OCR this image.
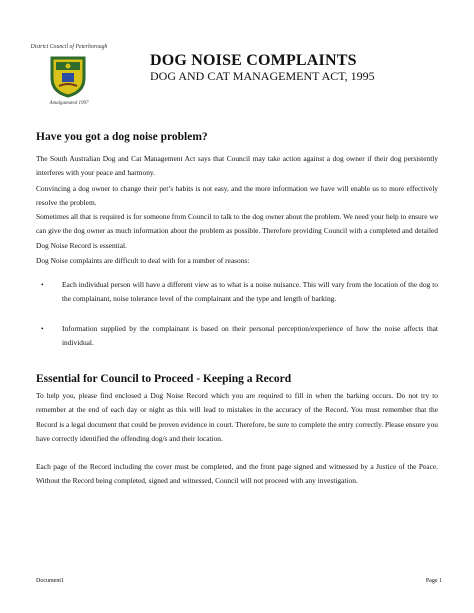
District Council of Peterborough
Amalgamated 1997
DOG NOISE COMPLAINTS
DOG AND CAT MANAGEMENT ACT, 1995
Have you got a dog noise problem?
The South Australian Dog and Cat Management Act says that Council may take action against a dog owner if their dog persistently interferes with your peace and harmony.
Convincing a dog owner to change their pet’s habits is not easy, and the more information we have will enable us to more effectively resolve the problem.
Sometimes all that is required is for someone from Council to talk to the dog owner about the problem. We need your help to ensure we can give the dog owner as much information about the problem as possible. Therefore providing Council with a completed and detailed Dog Noise Record is essential.
Dog Noise complaints are difficult to deal with for a number of reasons:
• Each individual person will have a different view as to what is a noise nuisance. This will vary from the location of the dog to the complainant, noise tolerance level of the complainant and the type and length of barking.
• Information supplied by the complainant is based on their personal perception/experience of how the noise affects that individual.
Essential for Council to Proceed - Keeping a Record
To help you, please find enclosed a Dog Noise Record which you are required to fill in when the barking occurs. Do not try to remember at the end of each day or night as this will lead to mistakes in the accuracy of the Record. You must remember that the Record is a legal document that could be proven evidence in court. Therefore, be sure to complete the entry correctly. Please ensure you have correctly identified the offending dog/s and their location.
Each page of the Record including the cover must be completed, and the front page signed and witnessed by a Justice of the Peace. Without the Record being completed, signed and witnessed, Council will not proceed with any investigation.
Document1	Page 1
